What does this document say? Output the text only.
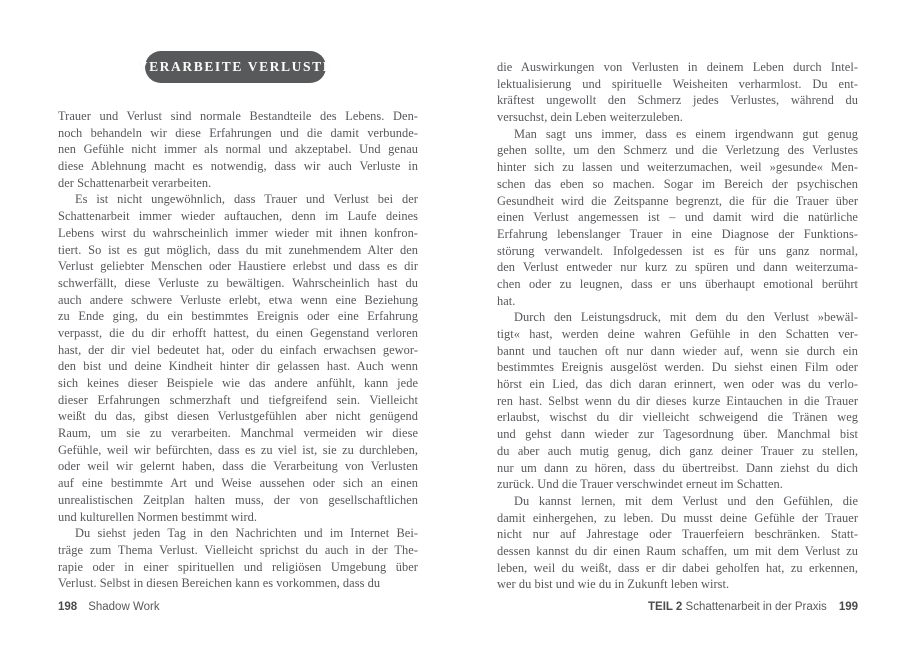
VERARBEITE VERLUSTE
Trauer und Verlust sind normale Bestandteile des Lebens. Den-
noch behandeln wir diese Erfahrungen und die damit verbunde-
nen Gefühle nicht immer als normal und akzeptabel. Und genau
diese Ablehnung macht es notwendig, dass wir auch Verluste in
der Schattenarbeit verarbeiten.
Es ist nicht ungewöhnlich, dass Trauer und Verlust bei der
Schattenarbeit immer wieder auftauchen, denn im Laufe deines
Lebens wirst du wahrscheinlich immer wieder mit ihnen konfron-
tiert. So ist es gut möglich, dass du mit zunehmendem Alter den
Verlust geliebter Menschen oder Haustiere erlebst und dass es dir
schwerfällt, diese Verluste zu bewältigen. Wahrscheinlich hast du
auch andere schwere Verluste erlebt, etwa wenn eine Beziehung
zu Ende ging, du ein bestimmtes Ereignis oder eine Erfahrung
verpasst, die du dir erhofft hattest, du einen Gegenstand verloren
hast, der dir viel bedeutet hat, oder du einfach erwachsen gewor-
den bist und deine Kindheit hinter dir gelassen hast. Auch wenn
sich keines dieser Beispiele wie das andere anfühlt, kann jede
dieser Erfahrungen schmerzhaft und tiefgreifend sein. Vielleicht
weißt du das, gibst diesen Verlustgefühlen aber nicht genügend
Raum, um sie zu verarbeiten. Manchmal vermeiden wir diese
Gefühle, weil wir befürchten, dass es zu viel ist, sie zu durchleben,
oder weil wir gelernt haben, dass die Verarbeitung von Verlusten
auf eine bestimmte Art und Weise aussehen oder sich an einen
unrealistischen Zeitplan halten muss, der von gesellschaftlichen
und kulturellen Normen bestimmt wird.
Du siehst jeden Tag in den Nachrichten und im Internet Bei-
träge zum Thema Verlust. Vielleicht sprichst du auch in der The-
rapie oder in einer spirituellen und religiösen Umgebung über
Verlust. Selbst in diesen Bereichen kann es vorkommen, dass du
die Auswirkungen von Verlusten in deinem Leben durch Intel-
lektualisierung und spirituelle Weisheiten verharmlost. Du ent-
kräftest ungewollt den Schmerz jedes Verlustes, während du
versuchst, dein Leben weiterzuleben.
Man sagt uns immer, dass es einem irgendwann gut genug
gehen sollte, um den Schmerz und die Verletzung des Verlustes
hinter sich zu lassen und weiterzumachen, weil »gesunde« Men-
schen das eben so machen. Sogar im Bereich der psychischen
Gesundheit wird die Zeitspanne begrenzt, die für die Trauer über
einen Verlust angemessen ist – und damit wird die natürliche
Erfahrung lebenslanger Trauer in eine Diagnose der Funktions-
störung verwandelt. Infolgedessen ist es für uns ganz normal,
den Verlust entweder nur kurz zu spüren und dann weiterzuma-
chen oder zu leugnen, dass er uns überhaupt emotional berührt
hat.
Durch den Leistungsdruck, mit dem du den Verlust »bewäl-
tigt« hast, werden deine wahren Gefühle in den Schatten ver-
bannt und tauchen oft nur dann wieder auf, wenn sie durch ein
bestimmtes Ereignis ausgelöst werden. Du siehst einen Film oder
hörst ein Lied, das dich daran erinnert, wen oder was du verlo-
ren hast. Selbst wenn du dir dieses kurze Eintauchen in die Trauer
erlaubst, wischst du dir vielleicht schweigend die Tränen weg
und gehst dann wieder zur Tagesordnung über. Manchmal bist
du aber auch mutig genug, dich ganz deiner Trauer zu stellen,
nur um dann zu hören, dass du übertreibst. Dann ziehst du dich
zurück. Und die Trauer verschwindet erneut im Schatten.
Du kannst lernen, mit dem Verlust und den Gefühlen, die
damit einhergehen, zu leben. Du musst deine Gefühle der Trauer
nicht nur auf Jahrestage oder Trauerfeiern beschränken. Statt-
dessen kannst du dir einen Raum schaffen, um mit dem Verlust zu
leben, weil du weißt, dass er dir dabei geholfen hat, zu erkennen,
wer du bist und wie du in Zukunft leben wirst.
198 Shadow Work	TEIL 2 Schattenarbeit in der Praxis 199
